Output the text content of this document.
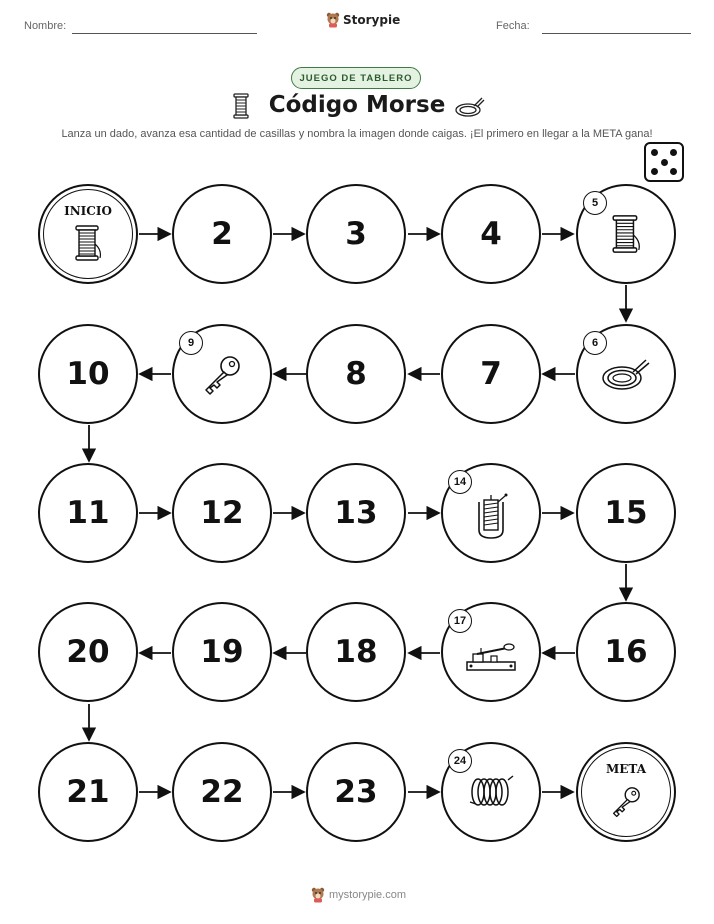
Nombre:	Fecha:
Storypie
JUEGO DE TABLERO
Código Morse
Lanza un dado, avanza esa cantidad de casillas y nombra la imagen donde caigas. ¡El primero en llegar a la META gana!
INICIO
2	3	4
5
10
9
8	7
6
11	12	13
14
15
20	19	18
17
16
21	22	23
24
META
mystorypie.com
